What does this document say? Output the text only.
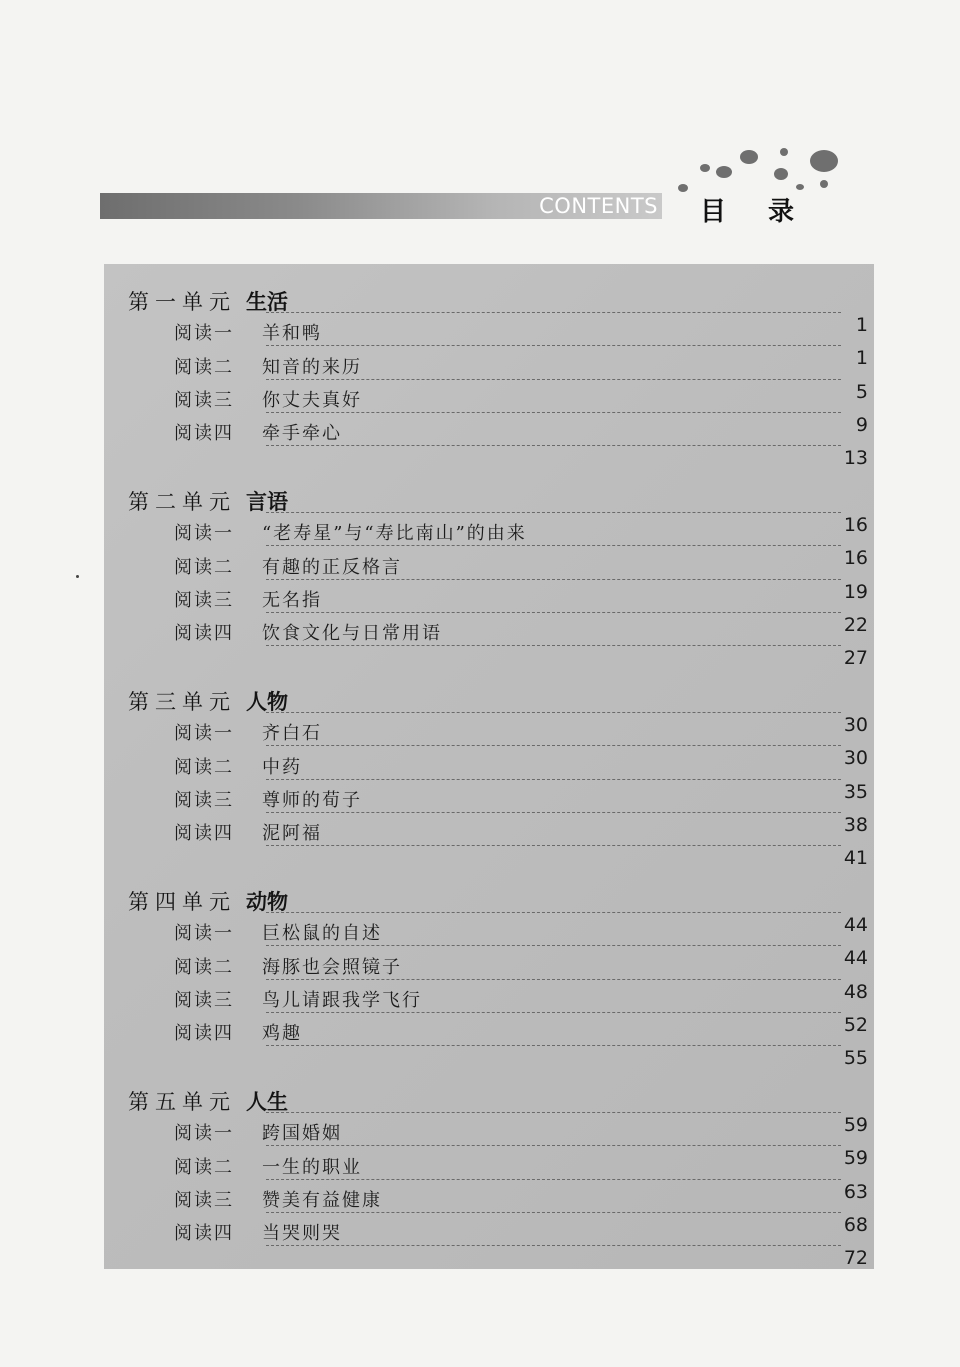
CONTENTS 目录
第一单元 生活
阅读一 羊和鸭
阅读二 知音的来历
阅读三 你丈夫真好
阅读四 牵手牵心
1
1
5
9
13
第二单元 言语
阅读一 “老寿星”与“寿比南山”的由来
阅读二 有趣的正反格言
阅读三 无名指
阅读四 饮食文化与日常用语
16
16
19
22
27
第三单元 人物
阅读一 齐白石
阅读二 中药
阅读三 尊师的荀子
阅读四 泥阿福
30
30
35
38
41
第四单元 动物
阅读一 巨松鼠的自述
阅读二 海豚也会照镜子
阅读三 鸟儿请跟我学飞行
阅读四 鸡趣
44
44
48
52
55
第五单元 人生
阅读一 跨国婚姻
阅读二 一生的职业
阅读三 赞美有益健康
阅读四 当哭则哭
59
59
63
68
72
